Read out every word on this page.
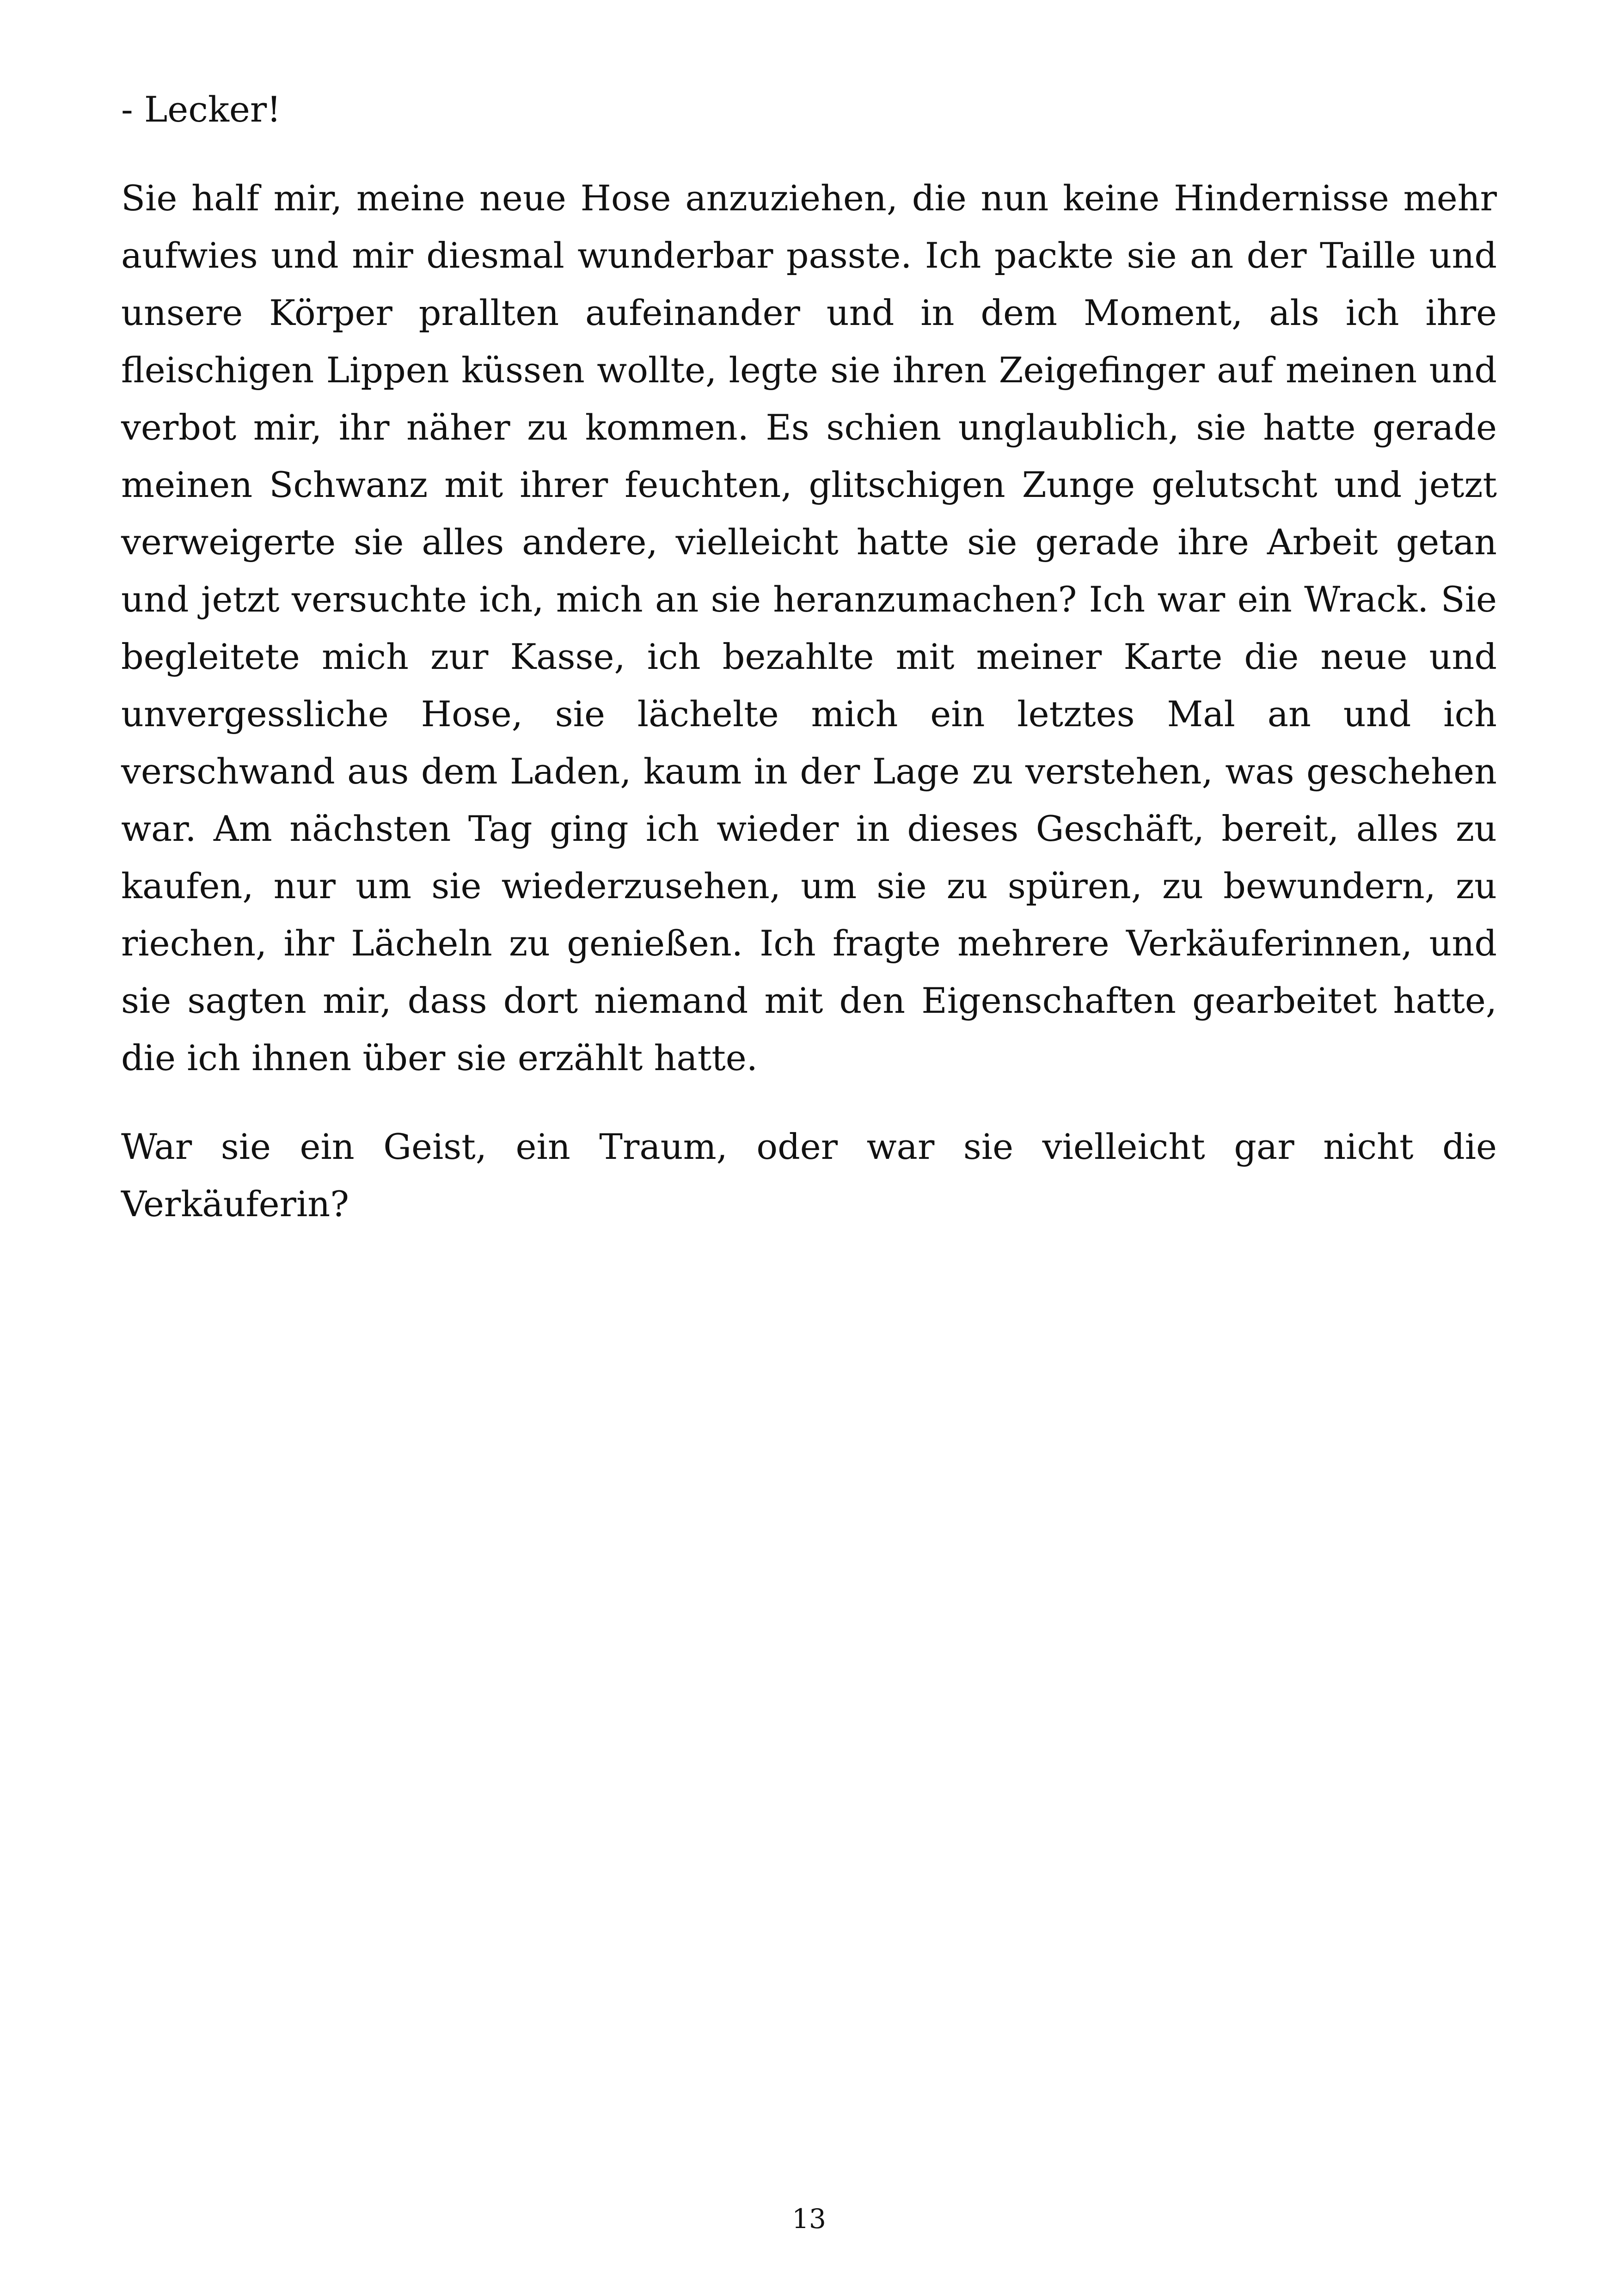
- Lecker!

Sie half mir, meine neue Hose anzuziehen, die nun keine Hindernisse mehr aufwies und mir diesmal wunderbar passte. Ich packte sie an der Taille und unsere Körper prallten aufeinander und in dem Moment, als ich ihre fleischigen Lippen küssen wollte, legte sie ihren Zeigefinger auf meinen und verbot mir, ihr näher zu kommen. Es schien unglaublich, sie hatte gerade meinen Schwanz mit ihrer feuchten, glitschigen Zunge gelutscht und jetzt verweigerte sie alles andere, vielleicht hatte sie gerade ihre Arbeit getan und jetzt versuchte ich, mich an sie heranzumachen? Ich war ein Wrack. Sie begleitete mich zur Kasse, ich bezahlte mit meiner Karte die neue und unvergessliche Hose, sie lächelte mich ein letztes Mal an und ich verschwand aus dem Laden, kaum in der Lage zu verstehen, was geschehen war. Am nächsten Tag ging ich wieder in dieses Geschäft, bereit, alles zu kaufen, nur um sie wiederzusehen, um sie zu spüren, zu bewundern, zu riechen, ihr Lächeln zu genießen. Ich fragte mehrere Verkäuferinnen, und sie sagten mir, dass dort niemand mit den Eigenschaften gearbeitet hatte, die ich ihnen über sie erzählt hatte.

War sie ein Geist, ein Traum, oder war sie vielleicht gar nicht die Verkäuferin?

13
